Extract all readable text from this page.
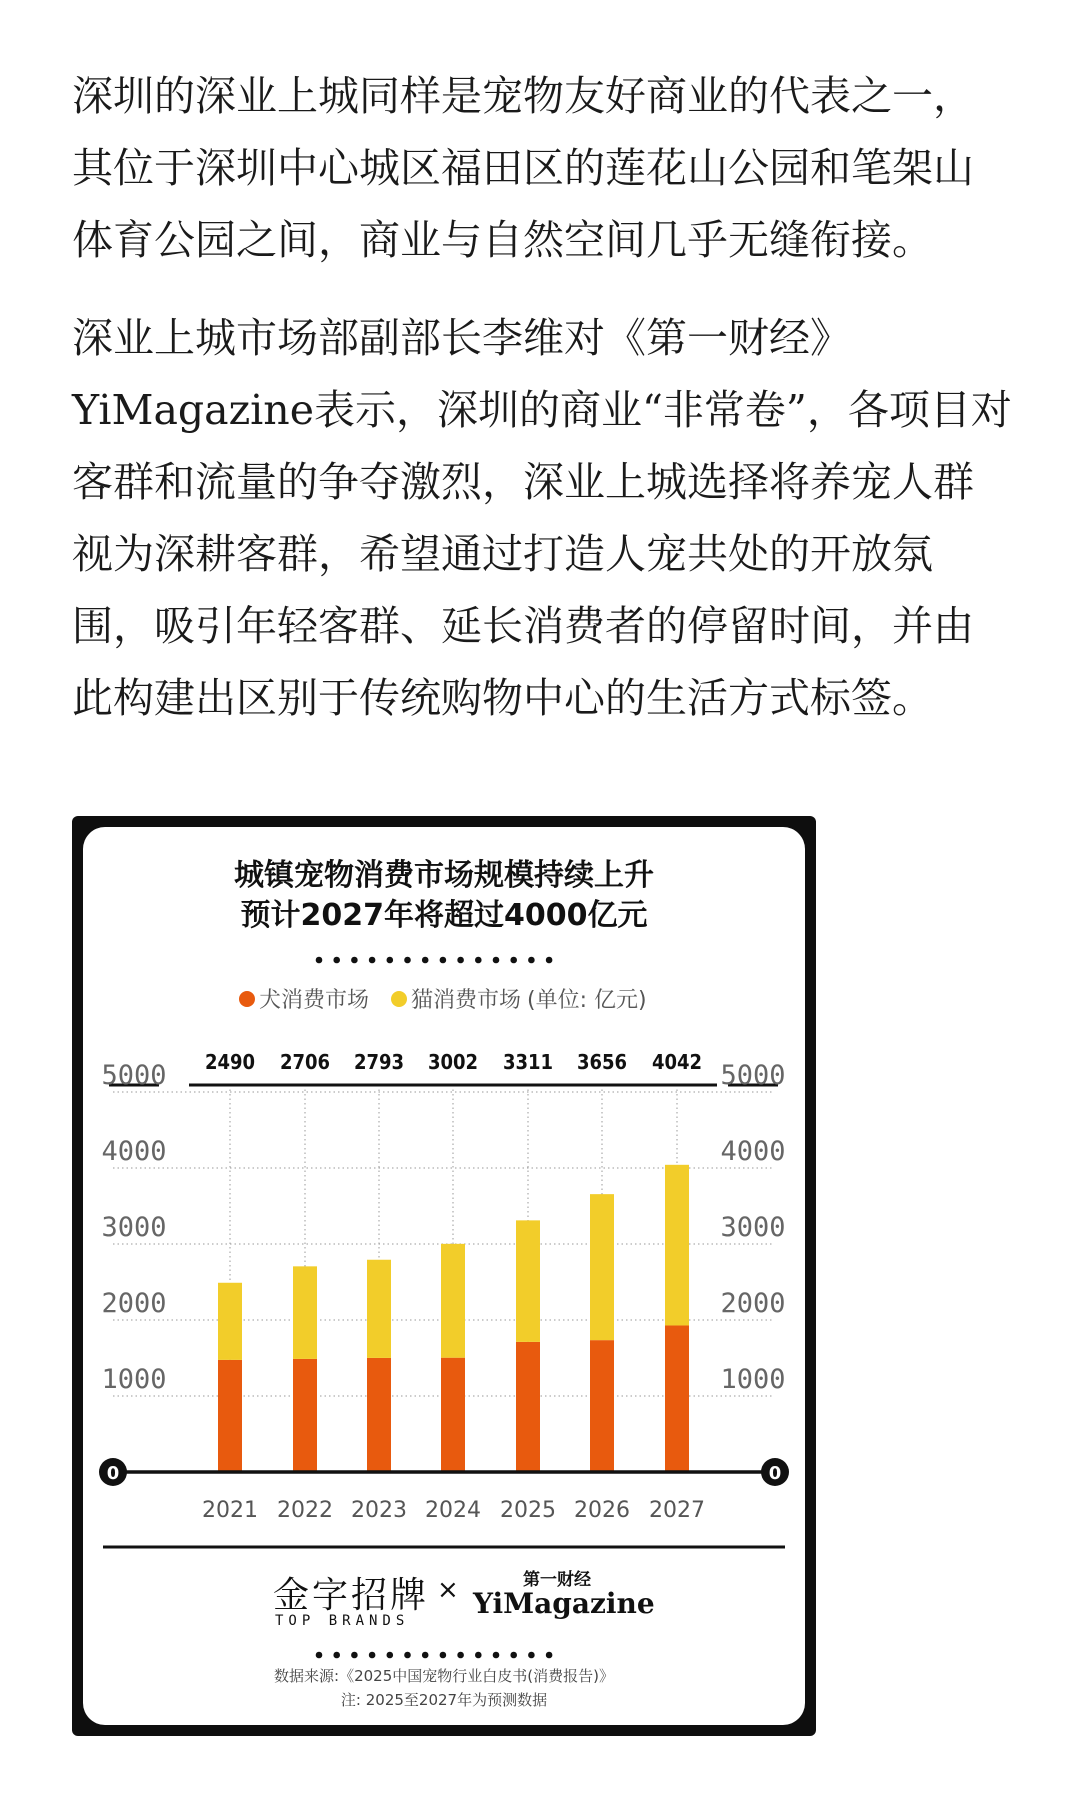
深圳的深业上城同样是宠物友好商业的代表之一，其位于深圳中心城区福田区的莲花山公园和笔架山体育公园之间，商业与自然空间几乎无缝衔接。

深业上城市场部副部长李维对《第一财经》YiMagazine表示，深圳的商业“非常卷”，各项目对客群和流量的争夺激烈，深业上城选择将养宠人群视为深耕客群，希望通过打造人宠共处的开放氛围，吸引年轻客群、延长消费者的停留时间，并由此构建出区别于传统购物中心的生活方式标签。

城镇宠物消费市场规模持续上升
预计2027年将超过4000亿元
犬消费市场 猫消费市场 (单位: 亿元)
1000	1000
2000	2000
3000	3000
4000	4000
5000	5000
2490
2021
2706
2022
2793
2023
3002
2024
3311
2025
3656
2026
4042
2027
0	0
金字招牌
TOP BRANDS
×	第一财经
YiMagazine
数据来源:《2025中国宠物行业白皮书(消费报告)》
注: 2025至2027年为预测数据
